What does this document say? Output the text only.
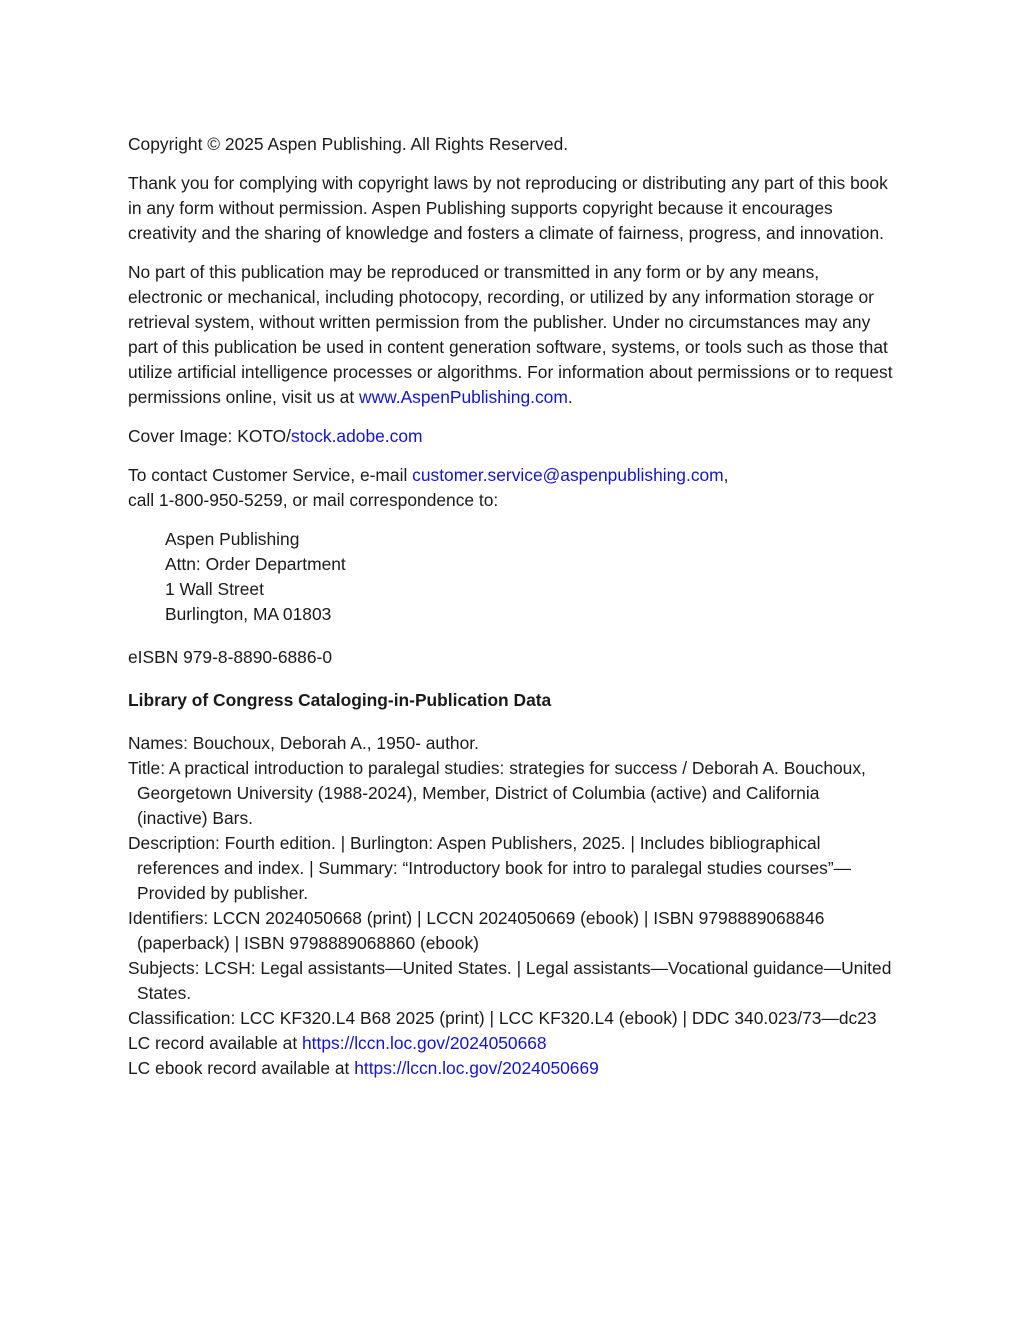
Copyright © 2025 Aspen Publishing. All Rights Reserved.

Thank you for complying with copyright laws by not reproducing or distributing any part of this book in any form without permission. Aspen Publishing supports copyright because it encourages creativity and the sharing of knowledge and fosters a climate of fairness, progress, and innovation.

No part of this publication may be reproduced or transmitted in any form or by any means, electronic or mechanical, including photocopy, recording, or utilized by any information storage or retrieval system, without written permission from the publisher. Under no circumstances may any part of this publication be used in content generation software, systems, or tools such as those that utilize artificial intelligence processes or algorithms. For information about permissions or to request permissions online, visit us at www.AspenPublishing.com.

Cover Image: KOTO/stock.adobe.com

To contact Customer Service, e-mail customer.service@aspenpublishing.com,
call 1-800-950-5259, or mail correspondence to:

Aspen Publishing
Attn: Order Department
1 Wall Street
Burlington, MA 01803

eISBN 979-8-8890-6886-0

Library of Congress Cataloging-in-Publication Data

Names: Bouchoux, Deborah A., 1950- author.

Title: A practical introduction to paralegal studies: strategies for success / Deborah A. Bouchoux, Georgetown University (1988-2024), Member, District of Columbia (active) and California (inactive) Bars.

Description: Fourth edition. | Burlington: Aspen Publishers, 2025. | Includes bibliographical references and index. | Summary: “Introductory book for intro to paralegal studies courses”—Provided by publisher.

Identifiers: LCCN 2024050668 (print) | LCCN 2024050669 (ebook) | ISBN 9798889068846 (paperback) | ISBN 9798889068860 (ebook)

Subjects: LCSH: Legal assistants—United States. | Legal assistants—Vocational guidance—United States.

Classification: LCC KF320.L4 B68 2025 (print) | LCC KF320.L4 (ebook) | DDC 340.023/73—dc23

LC record available at https://lccn.loc.gov/2024050668

LC ebook record available at https://lccn.loc.gov/2024050669
